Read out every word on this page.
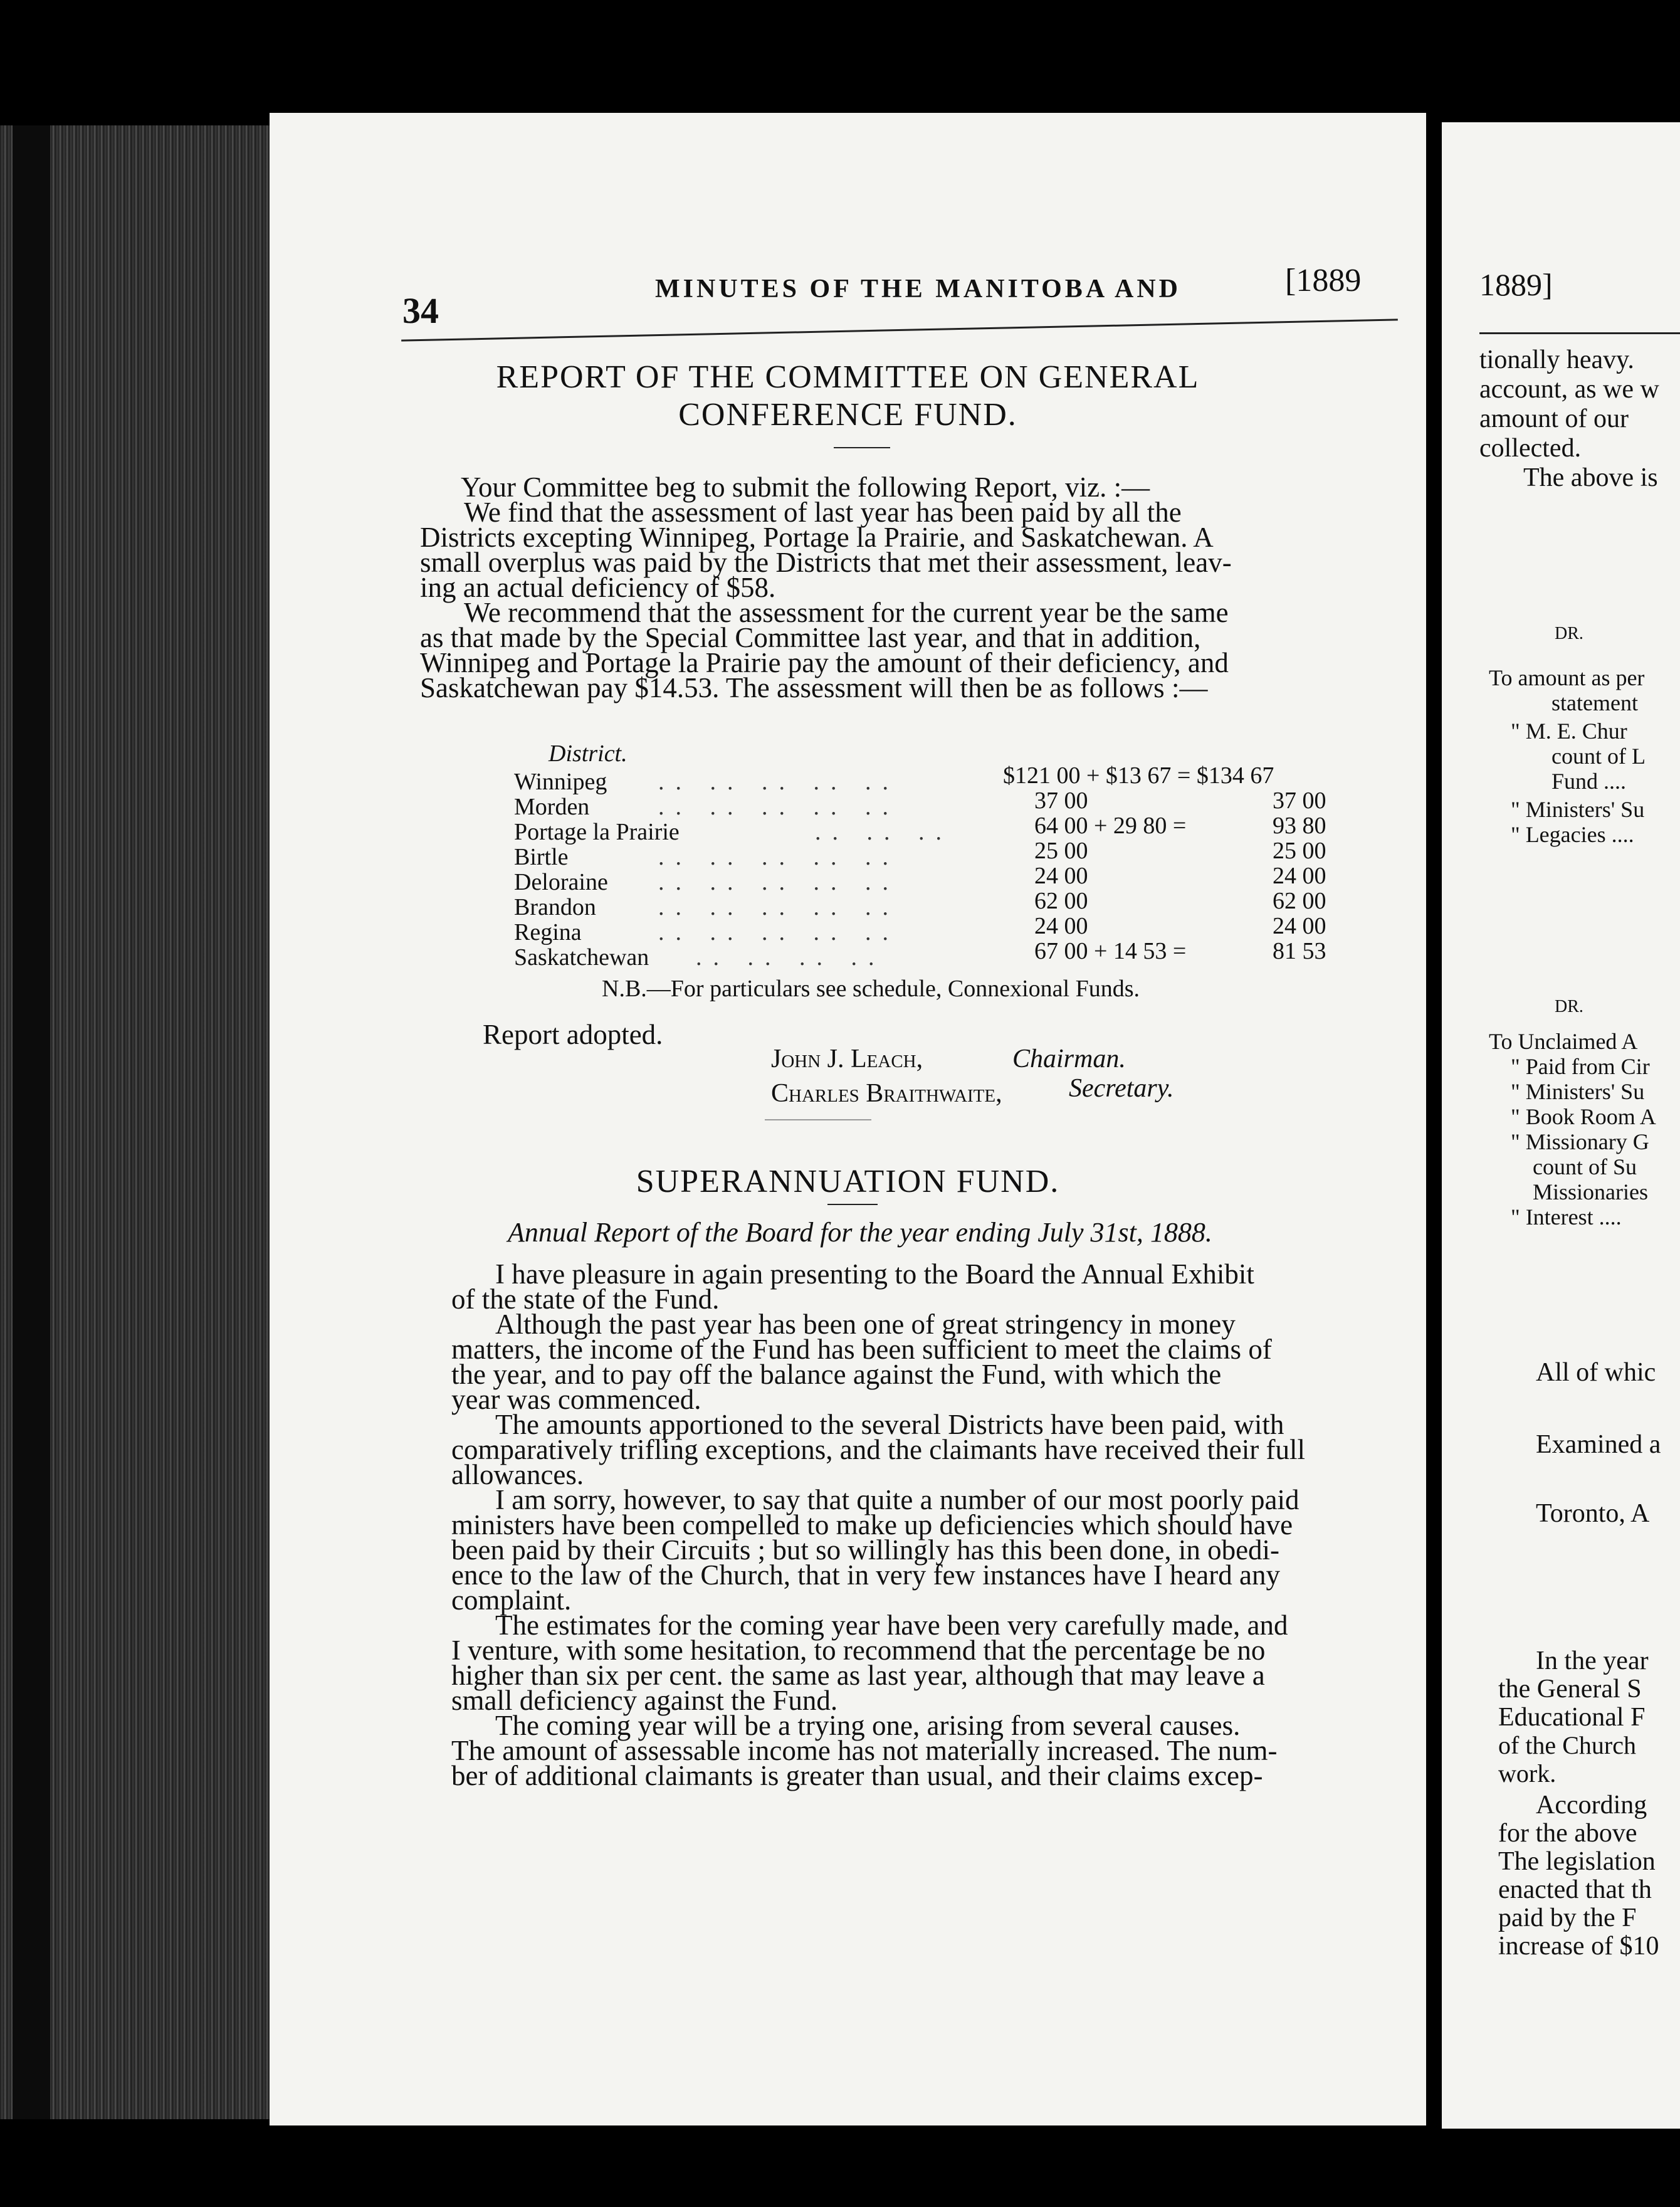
34
MINUTES OF THE MANITOBA AND	[1889
REPORT OF THE COMMITTEE ON GENERAL
CONFERENCE FUND.
Your Committee beg to submit the following Report, viz. :—
We find that the assessment of last year has been paid by all the
Districts excepting Winnipeg, Portage la Prairie, and Saskatchewan. A
small overplus was paid by the Districts that met their assessment, leav-
ing an actual deficiency of $58.
We recommend that the assessment for the current year be the same
as that made by the Special Committee last year, and that in addition,
Winnipeg and Portage la Prairie pay the amount of their deficiency, and
Saskatchewan pay $14.53. The assessment will then be as follows :—
District.
Winnipeg .. .. .. .. ..	$121 00 + $13 67 = $134 67
Morden	.. .. .. .. ..	37 00	37 00
Portage la Prairie	.. .. ..	64 00 + 29 80 =	93 80
Birtle	.. .. .. .. ..	25 00	25 00
Deloraine .. .. .. .. ..	24 00	24 00
Brandon	.. .. .. .. ..	62 00	62 00
Regina	.. .. .. .. ..	24 00	24 00
Saskatchewan .. .. .. ..	67 00 + 14 53 =	81 53
N.B.—For particulars see schedule, Connexional Funds.
Report adopted.
John J. Leach,	Chairman.
Charles Braithwaite,	Secretary.
SUPERANNUATION FUND.
Annual Report of the Board for the year ending July 31st, 1888.
I have pleasure in again presenting to the Board the Annual Exhibit
of the state of the Fund.
Although the past year has been one of great stringency in money
matters, the income of the Fund has been sufficient to meet the claims of
the year, and to pay off the balance against the Fund, with which the
year was commenced.
The amounts apportioned to the several Districts have been paid, with
comparatively trifling exceptions, and the claimants have received their full
allowances.
I am sorry, however, to say that quite a number of our most poorly paid
ministers have been compelled to make up deficiencies which should have
been paid by their Circuits ; but so willingly has this been done, in obedi-
ence to the law of the Church, that in very few instances have I heard any
complaint.
The estimates for the coming year have been very carefully made, and
I venture, with some hesitation, to recommend that the percentage be no
higher than six per cent. the same as last year, although that may leave a
small deficiency against the Fund.
The coming year will be a trying one, arising from several causes.
The amount of assessable income has not materially increased. The num-
ber of additional claimants is greater than usual, and their claims excep-
1889]
tionally heavy.
account, as we w
amount of our
collected.
The above is
DR.
To amount as per
statement
" M. E. Chur
count of L
Fund ....
" Ministers' Su
" Legacies ....
DR.
To Unclaimed A
" Paid from Cir
" Ministers' Su
" Book Room A
" Missionary G
count of Su
Missionaries
" Interest ....
All of whic
Examined a
Toronto, A
In the year
the General S
Educational F
of the Church
work.
According
for the above
The legislation
enacted that th
paid by the F
increase of $10
